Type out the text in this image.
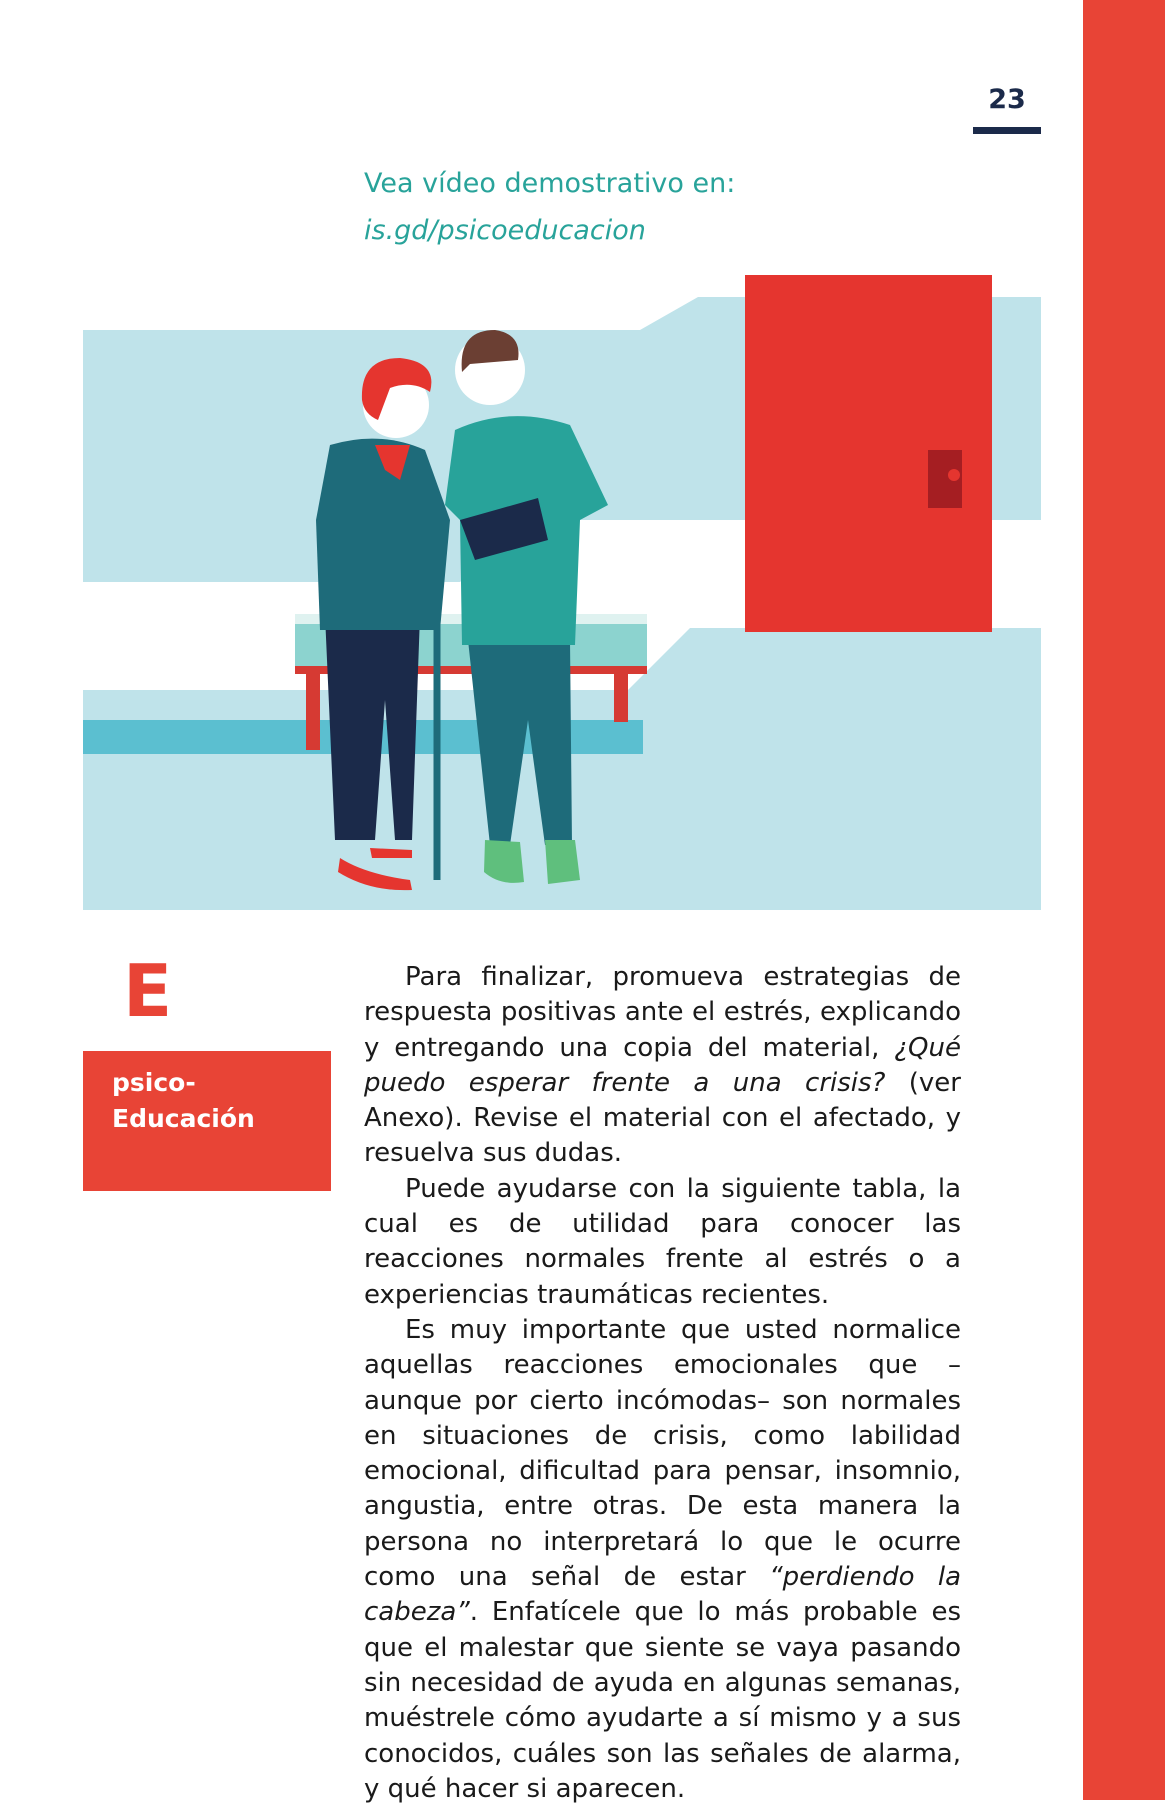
23
Vea vídeo demostrativo en:
is.gd/psicoeducacion
E
psico-
Educación

Para finalizar, promueva estrategias de respuesta positivas ante el estrés, explicando y entregando una copia del material, ¿Qué puedo esperar frente a una crisis? (ver Anexo). Revise el material con el afectado, y resuelva sus dudas.

Puede ayudarse con la siguiente tabla, la cual es de utilidad para conocer las reacciones normales frente al estrés o a experiencias traumáticas recientes.

Es muy importante que usted normalice aquellas reacciones emocionales que –aunque por cierto incómodas– son normales en situaciones de crisis, como labilidad emocional, dificultad para pensar, insomnio, angustia, entre otras. De esta manera la persona no interpretará lo que le ocurre como una señal de estar “perdiendo la cabeza”. Enfatícele que lo más probable es que el malestar que siente se vaya pasando sin necesidad de ayuda en algunas semanas, muéstrele cómo ayudarte a sí mismo y a sus conocidos, cuáles son las señales de alarma, y qué hacer si aparecen.
